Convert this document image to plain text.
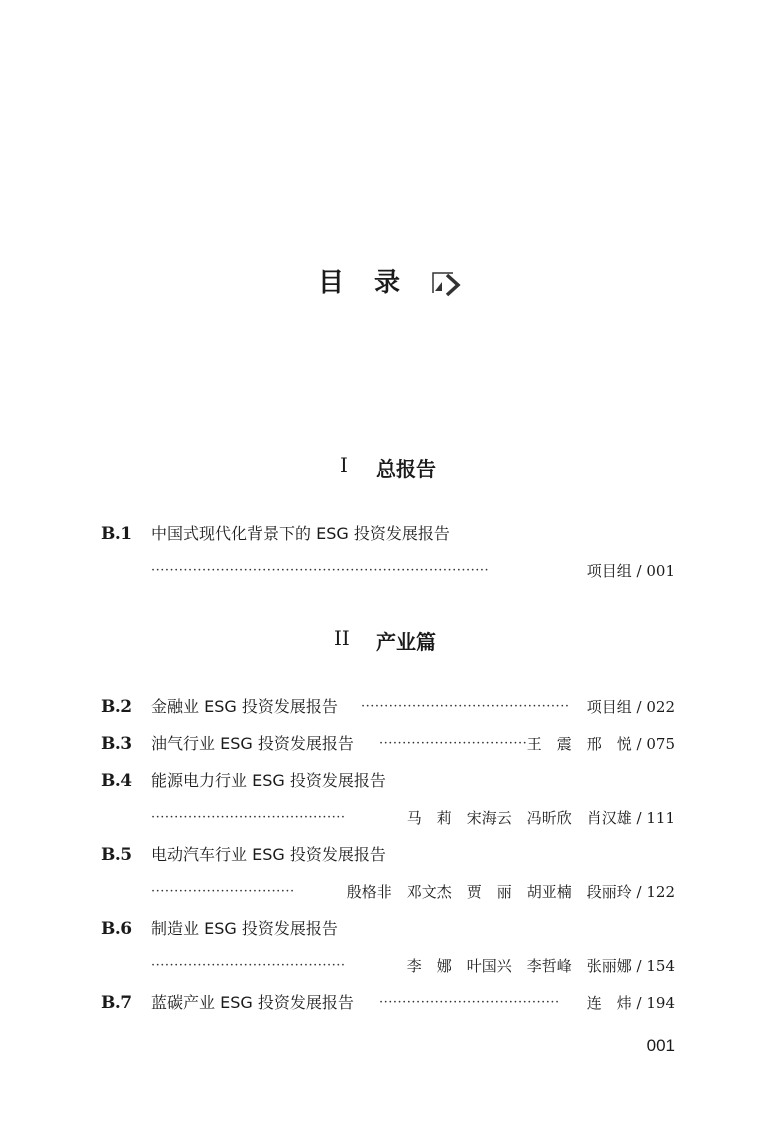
目 录
I 总报告
B.1 中国式现代化背景下的 ESG 投资发展报告
·········································································	项目组 / 001
II 产业篇
B.2 金融业 ESG 投资发展报告 ············································· 项目组 / 022
B.3 油气行业 ESG 投资发展报告 ································ 王　震　邢　悦 / 075
B.4 能源电力行业 ESG 投资发展报告
··········································	马　莉　宋海云　冯昕欣　肖汉雄 / 111
B.5 电动汽车行业 ESG 投资发展报告
·······························	殷格非　邓文杰　贾　丽　胡亚楠　段丽玲 / 122
B.6 制造业 ESG 投资发展报告
··········································	李　娜　叶国兴　李哲峰　张丽娜 / 154
B.7 蓝碳产业 ESG 投资发展报告 ·······································	连　炜 / 194
001
